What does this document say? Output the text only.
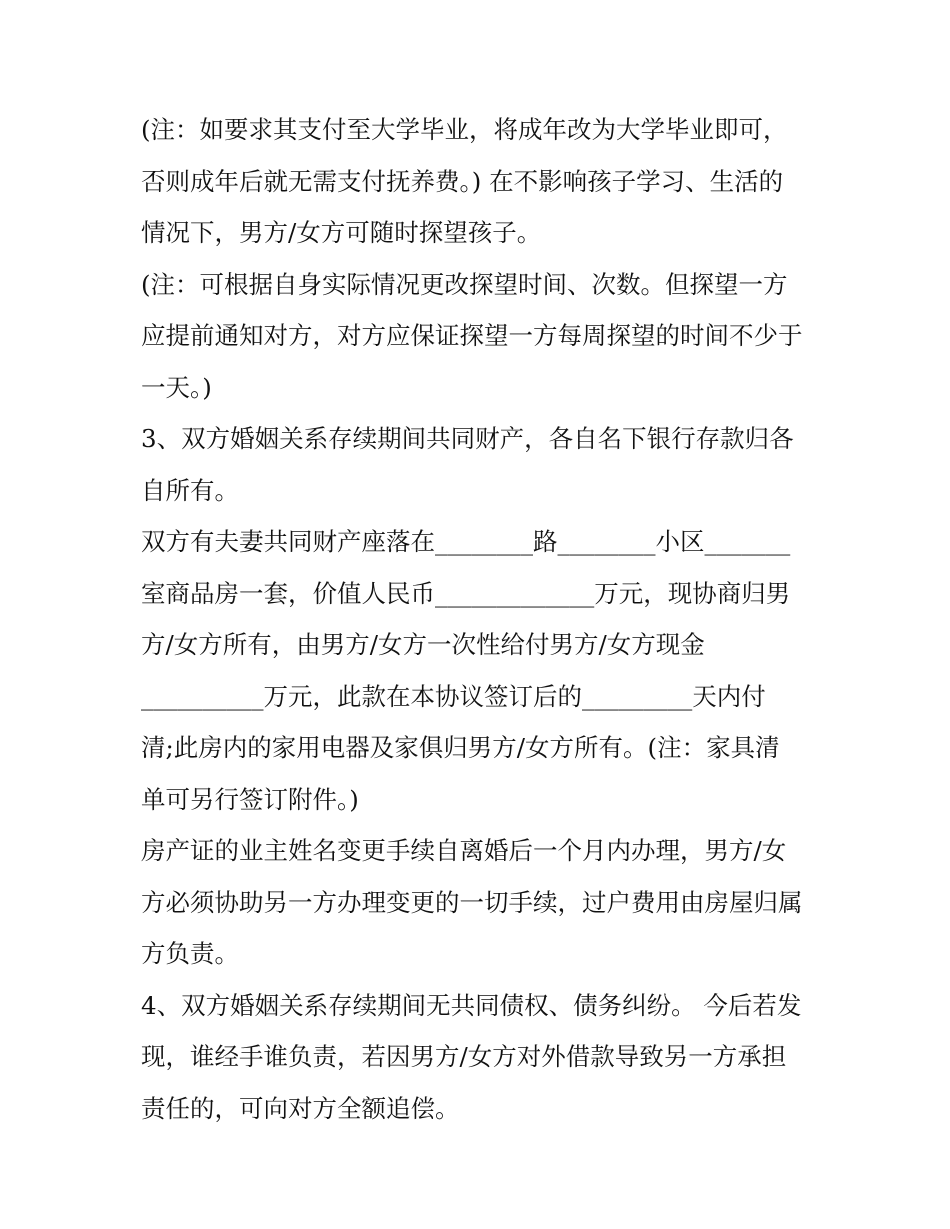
(注：如要求其支付至大学毕业，将成年改为大学毕业即可，
否则成年后就无需支付抚养费。) 在不影响孩子学习、生活的
情况下，男方/女方可随时探望孩子。
(注：可根据自身实际情况更改探望时间、次数。但探望一方
应提前通知对方，对方应保证探望一方每周探望的时间不少于
一天。)
3、双方婚姻关系存续期间共同财产，各自名下银行存款归各
自所有。
双方有夫妻共同财产座落在________路________小区_______
室商品房一套，价值人民币_____________万元，现协商归男
方/女方所有，由男方/女方一次性给付男方/女方现金
__________万元，此款在本协议签订后的_________天内付
清;此房内的家用电器及家俱归男方/女方所有。(注：家具清
单可另行签订附件。)
房产证的业主姓名变更手续自离婚后一个月内办理，男方/女
方必须协助另一方办理变更的一切手续，过户费用由房屋归属
方负责。
4、双方婚姻关系存续期间无共同债权、债务纠纷。 今后若发
现，谁经手谁负责，若因男方/女方对外借款导致另一方承担
责任的，可向对方全额追偿。
